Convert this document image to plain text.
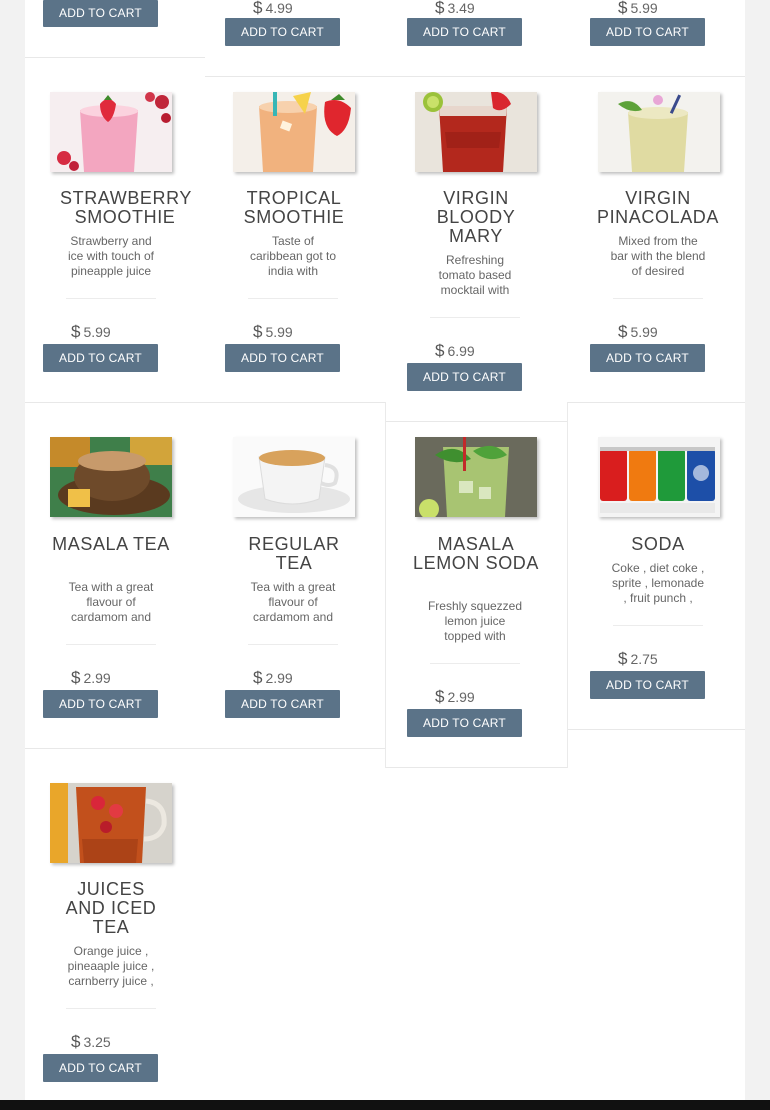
ADD TO CART	$ 4.99
ADD TO CART
$ 3.49
ADD TO CART
$ 5.99
ADD TO CART
STRAWBERRY SMOOTHIE
Strawberry and ice with touch of pineapple juice
$ 5.99
ADD TO CART
TROPICAL SMOOTHIE
Taste of caribbean got to india with
$ 5.99
ADD TO CART
VIRGIN BLOODY MARY
Refreshing tomato based mocktail with
$ 6.99
ADD TO CART
VIRGIN PINACOLADA
Mixed from the bar with the blend of desired
$ 5.99
ADD TO CART
MASALA TEA
Tea with a great flavour of cardamom and
$ 2.99
ADD TO CART
REGULAR TEA
Tea with a great flavour of cardamom and
$ 2.99
ADD TO CART
MASALA LEMON SODA
Freshly squezzed lemon juice topped with
$ 2.99
ADD TO CART
SODA
Coke , diet coke , sprite , lemonade , fruit punch ,
$ 2.75
ADD TO CART
JUICES AND ICED TEA
Orange juice , pineaaple juice , carnberry juice ,
$ 3.25
ADD TO CART
